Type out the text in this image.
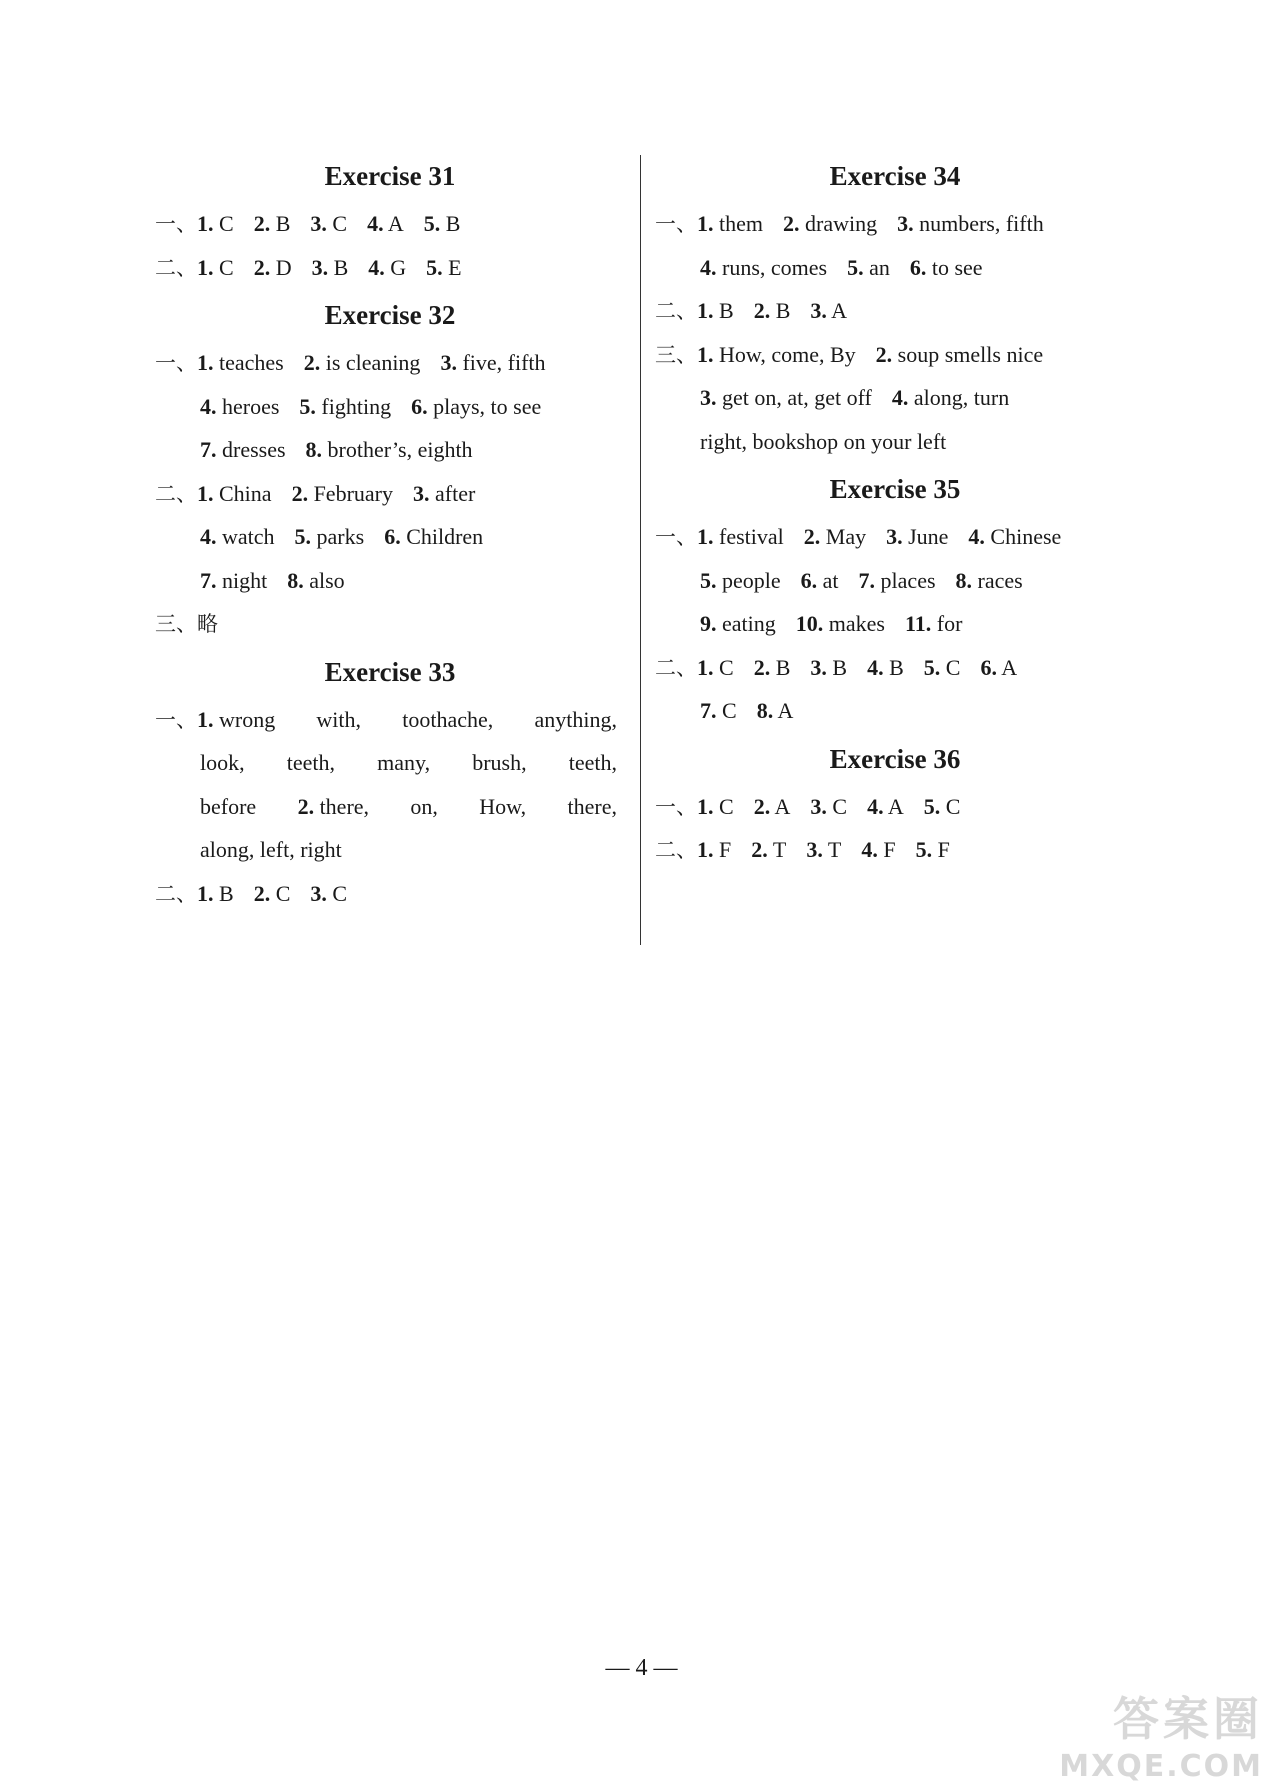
Exercise 31
一、1. C 2. B 3. C 4. A 5. B
二、1. C 2. D 3. B 4. G 5. E
Exercise 32
一、1. teaches 2. is cleaning 3. five, fifth
4. heroes 5. fighting 6. plays, to see
7. dresses 8. brother’s, eighth
二、1. China 2. February 3. after
4. watch 5. parks 6. Children
7. night 8. also
三、略
Exercise 33
一、1. wrong with, toothache, anything,
look, teeth, many, brush, teeth,
before 2. there, on, How, there,
along, left, right
二、1. B 2. C 3. C
Exercise 34
一、1. them 2. drawing 3. numbers, fifth
4. runs, comes 5. an 6. to see
二、1. B 2. B 3. A
三、1. How, come, By 2. soup smells nice
3. get on, at, get off 4. along, turn
right, bookshop on your left
Exercise 35
一、1. festival 2. May 3. June 4. Chinese
5. people 6. at 7. places 8. races
9. eating 10. makes 11. for
二、1. C 2. B 3. B 4. B 5. C 6. A
7. C 8. A
Exercise 36
一、1. C 2. A 3. C 4. A 5. C
二、1. F 2. T 3. T 4. F 5. F
— 4 —
答案圈
MXQE.COM
